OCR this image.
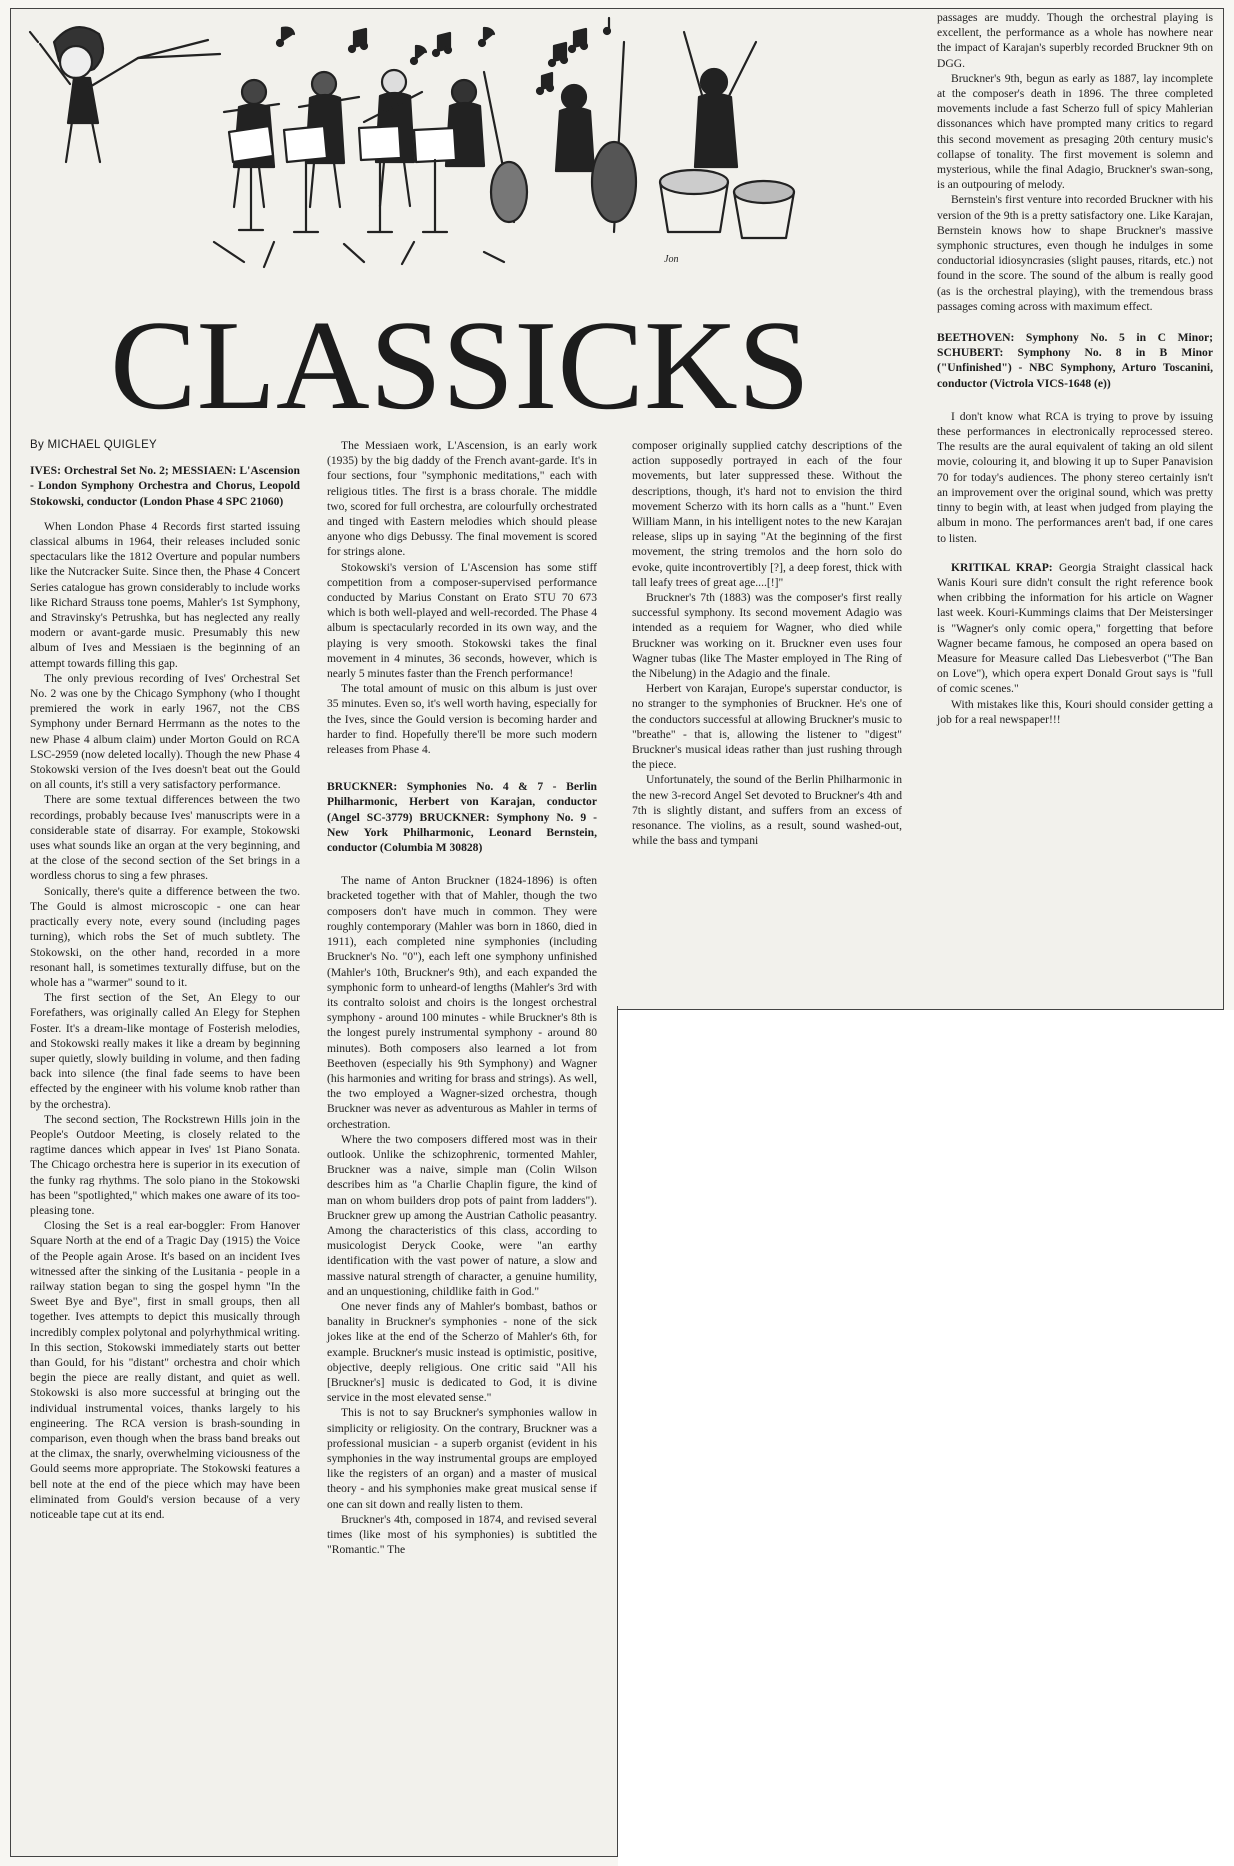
Jon
CLASSICKS

By MICHAEL QUIGLEY

IVES: Orchestral Set No. 2; MESSIAEN: L'Ascension - London Symphony Orchestra and Chorus, Leopold Stokowski, conductor (London Phase 4 SPC 21060)

When London Phase 4 Records first started issuing classical albums in 1964, their releases included sonic spectaculars like the 1812 Overture and popular numbers like the Nutcracker Suite. Since then, the Phase 4 Concert Series catalogue has grown considerably to include works like Richard Strauss tone poems, Mahler's 1st Symphony, and Stravinsky's Petrushka, but has neglected any really modern or avant-garde music. Presumably this new album of Ives and Messiaen is the beginning of an attempt towards filling this gap.

The only previous recording of Ives' Orchestral Set No. 2 was one by the Chicago Symphony (who I thought premiered the work in early 1967, not the CBS Symphony under Bernard Herrmann as the notes to the new Phase 4 album claim) under Morton Gould on RCA LSC-2959 (now deleted locally). Though the new Phase 4 Stokowski version of the Ives doesn't beat out the Gould on all counts, it's still a very satisfactory performance.

There are some textual differences between the two recordings, probably because Ives' manuscripts were in a considerable state of disarray. For example, Stokowski uses what sounds like an organ at the very beginning, and at the close of the second section of the Set brings in a wordless chorus to sing a few phrases.

Sonically, there's quite a difference between the two. The Gould is almost microscopic - one can hear practically every note, every sound (including pages turning), which robs the Set of much subtlety. The Stokowski, on the other hand, recorded in a more resonant hall, is sometimes texturally diffuse, but on the whole has a "warmer" sound to it.

The first section of the Set, An Elegy to our Forefathers, was originally called An Elegy for Stephen Foster. It's a dream-like montage of Fosterish melodies, and Stokowski really makes it like a dream by beginning super quietly, slowly building in volume, and then fading back into silence (the final fade seems to have been effected by the engineer with his volume knob rather than by the orchestra).

The second section, The Rockstrewn Hills join in the People's Outdoor Meeting, is closely related to the ragtime dances which appear in Ives' 1st Piano Sonata. The Chicago orchestra here is superior in its execution of the funky rag rhythms. The solo piano in the Stokowski has been "spotlighted," which makes one aware of its too-pleasing tone.

Closing the Set is a real ear-boggler: From Hanover Square North at the end of a Tragic Day (1915) the Voice of the People again Arose. It's based on an incident Ives witnessed after the sinking of the Lusitania - people in a railway station began to sing the gospel hymn "In the Sweet Bye and Bye", first in small groups, then all together. Ives attempts to depict this musically through incredibly complex polytonal and polyrhythmical writing. In this section, Stokowski immediately starts out better than Gould, for his "distant" orchestra and choir which begin the piece are really distant, and quiet as well. Stokowski is also more successful at bringing out the individual instrumental voices, thanks largely to his engineering. The RCA version is brash-sounding in comparison, even though when the brass band breaks out at the climax, the snarly, overwhelming viciousness of the Gould seems more appropriate. The Stokowski features a bell note at the end of the piece which may have been eliminated from Gould's version because of a very noticeable tape cut at its end.

The Messiaen work, L'Ascension, is an early work (1935) by the big daddy of the French avant-garde. It's in four sections, four "symphonic meditations," each with religious titles. The first is a brass chorale. The middle two, scored for full orchestra, are colourfully orchestrated and tinged with Eastern melodies which should please anyone who digs Debussy. The final movement is scored for strings alone.

Stokowski's version of L'Ascension has some stiff competition from a composer-supervised performance conducted by Marius Constant on Erato STU 70 673 which is both well-played and well-recorded. The Phase 4 album is spectacularly recorded in its own way, and the playing is very smooth. Stokowski takes the final movement in 4 minutes, 36 seconds, however, which is nearly 5 minutes faster than the French performance!

The total amount of music on this album is just over 35 minutes. Even so, it's well worth having, especially for the Ives, since the Gould version is becoming harder and harder to find. Hopefully there'll be more such modern releases from Phase 4.

BRUCKNER: Symphonies No. 4 & 7 - Berlin Philharmonic, Herbert von Karajan, conductor (Angel SC-3779) BRUCKNER: Symphony No. 9 - New York Philharmonic, Leonard Bernstein, conductor (Columbia M 30828)

The name of Anton Bruckner (1824-1896) is often bracketed together with that of Mahler, though the two composers don't have much in common. They were roughly contemporary (Mahler was born in 1860, died in 1911), each completed nine symphonies (including Bruckner's No. "0"), each left one symphony unfinished (Mahler's 10th, Bruckner's 9th), and each expanded the symphonic form to unheard-of lengths (Mahler's 3rd with its contralto soloist and choirs is the longest orchestral symphony - around 100 minutes - while Bruckner's 8th is the longest purely instrumental symphony - around 80 minutes). Both composers also learned a lot from Beethoven (especially his 9th Symphony) and Wagner (his harmonies and writing for brass and strings). As well, the two employed a Wagner-sized orchestra, though Bruckner was never as adventurous as Mahler in terms of orchestration.

Where the two composers differed most was in their outlook. Unlike the schizophrenic, tormented Mahler, Bruckner was a naive, simple man (Colin Wilson describes him as "a Charlie Chaplin figure, the kind of man on whom builders drop pots of paint from ladders"). Bruckner grew up among the Austrian Catholic peasantry. Among the characteristics of this class, according to musicologist Deryck Cooke, were "an earthy identification with the vast power of nature, a slow and massive natural strength of character, a genuine humility, and an unquestioning, childlike faith in God."

One never finds any of Mahler's bombast, bathos or banality in Bruckner's symphonies - none of the sick jokes like at the end of the Scherzo of Mahler's 6th, for example. Bruckner's music instead is optimistic, positive, objective, deeply religious. One critic said "All his [Bruckner's] music is dedicated to God, it is divine service in the most elevated sense."

This is not to say Bruckner's symphonies wallow in simplicity or religiosity. On the contrary, Bruckner was a professional musician - a superb organist (evident in his symphonies in the way instrumental groups are employed like the registers of an organ) and a master of musical theory - and his symphonies make great musical sense if one can sit down and really listen to them.

Bruckner's 4th, composed in 1874, and revised several times (like most of his symphonies) is subtitled the "Romantic." The

composer originally supplied catchy descriptions of the action supposedly portrayed in each of the four movements, but later suppressed these. Without the descriptions, though, it's hard not to envision the third movement Scherzo with its horn calls as a "hunt." Even William Mann, in his intelligent notes to the new Karajan release, slips up in saying "At the beginning of the first movement, the string tremolos and the horn solo do evoke, quite incontrovertibly [?], a deep forest, thick with tall leafy trees of great age....[!]"

Bruckner's 7th (1883) was the composer's first really successful symphony. Its second movement Adagio was intended as a requiem for Wagner, who died while Bruckner was working on it. Bruckner even uses four Wagner tubas (like The Master employed in The Ring of the Nibelung) in the Adagio and the finale.

Herbert von Karajan, Europe's superstar conductor, is no stranger to the symphonies of Bruckner. He's one of the conductors successful at allowing Bruckner's music to "breathe" - that is, allowing the listener to "digest" Bruckner's musical ideas rather than just rushing through the piece.

Unfortunately, the sound of the Berlin Philharmonic in the new 3-record Angel Set devoted to Bruckner's 4th and 7th is slightly distant, and suffers from an excess of resonance. The violins, as a result, sound washed-out, while the bass and tympani

passages are muddy. Though the orchestral playing is excellent, the performance as a whole has nowhere near the impact of Karajan's superbly recorded Bruckner 9th on DGG.

Bruckner's 9th, begun as early as 1887, lay incomplete at the composer's death in 1896. The three completed movements include a fast Scherzo full of spicy Mahlerian dissonances which have prompted many critics to regard this second movement as presaging 20th century music's collapse of tonality. The first movement is solemn and mysterious, while the final Adagio, Bruckner's swan-song, is an outpouring of melody.

Bernstein's first venture into recorded Bruckner with his version of the 9th is a pretty satisfactory one. Like Karajan, Bernstein knows how to shape Bruckner's massive symphonic structures, even though he indulges in some conductorial idiosyncrasies (slight pauses, ritards, etc.) not found in the score. The sound of the album is really good (as is the orchestral playing), with the tremendous brass passages coming across with maximum effect.

BEETHOVEN: Symphony No. 5 in C Minor; SCHUBERT: Symphony No. 8 in B Minor ("Unfinished") - NBC Symphony, Arturo Toscanini, conductor (Victrola VICS-1648 (e))

I don't know what RCA is trying to prove by issuing these performances in electronically reprocessed stereo. The results are the aural equivalent of taking an old silent movie, colouring it, and blowing it up to Super Panavision 70 for today's audiences. The phony stereo certainly isn't an improvement over the original sound, which was pretty tinny to begin with, at least when judged from playing the album in mono. The performances aren't bad, if one cares to listen.

KRITIKAL KRAP: Georgia Straight classical hack Wanis Kouri sure didn't consult the right reference book when cribbing the information for his article on Wagner last week. Kouri-Kummings claims that Der Meistersinger is "Wagner's only comic opera," forgetting that before Wagner became famous, he composed an opera based on Measure for Measure called Das Liebesverbot ("The Ban on Love"), which opera expert Donald Grout says is "full of comic scenes."

With mistakes like this, Kouri should consider getting a job for a real newspaper!!!
